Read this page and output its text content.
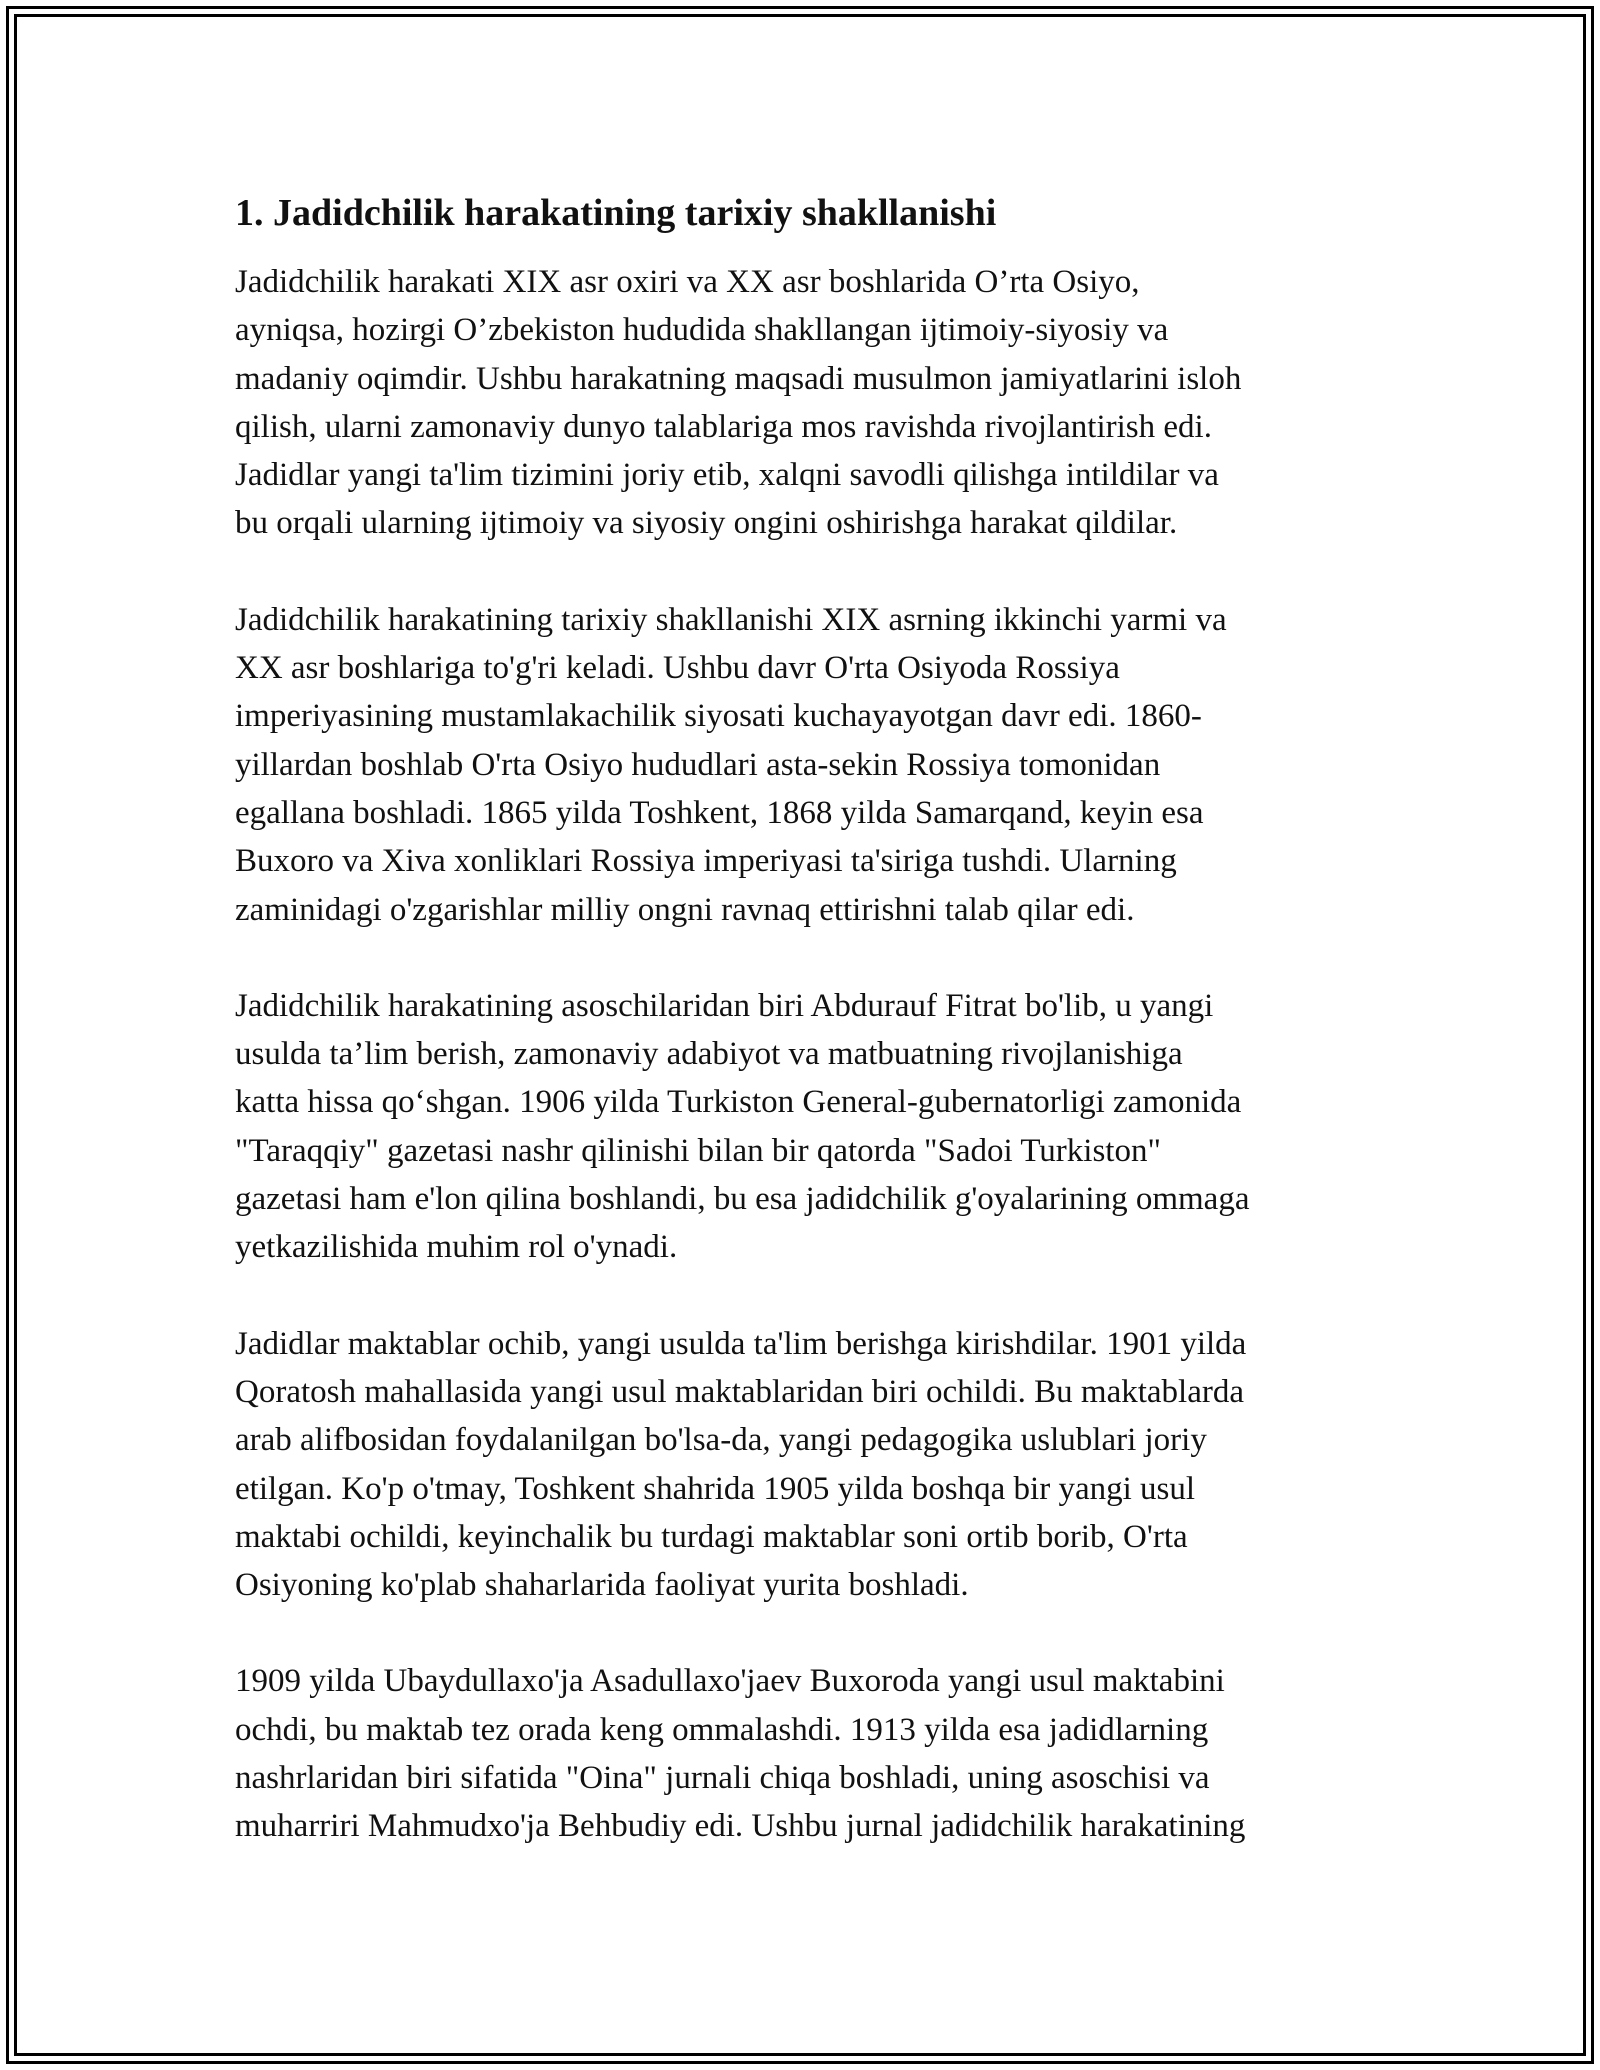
1. Jadidchilik harakatining tarixiy shakllanishi

Jadidchilik harakati XIX asr oxiri va XX asr boshlarida O’rta Osiyo,
ayniqsa, hozirgi O’zbekiston hududida shakllangan ijtimoiy-siyosiy va
madaniy oqimdir. Ushbu harakatning maqsadi musulmon jamiyatlarini isloh
qilish, ularni zamonaviy dunyo talablariga mos ravishda rivojlantirish edi.
Jadidlar yangi ta'lim tizimini joriy etib, xalqni savodli qilishga intildilar va
bu orqali ularning ijtimoiy va siyosiy ongini oshirishga harakat qildilar.

Jadidchilik harakatining tarixiy shakllanishi XIX asrning ikkinchi yarmi va
XX asr boshlariga to'g'ri keladi. Ushbu davr O'rta Osiyoda Rossiya
imperiyasining mustamlakachilik siyosati kuchayayotgan davr edi. 1860-
yillardan boshlab O'rta Osiyo hududlari asta-sekin Rossiya tomonidan
egallana boshladi. 1865 yilda Toshkent, 1868 yilda Samarqand, keyin esa
Buxoro va Xiva xonliklari Rossiya imperiyasi ta'siriga tushdi. Ularning
zaminidagi o'zgarishlar milliy ongni ravnaq ettirishni talab qilar edi.

Jadidchilik harakatining asoschilaridan biri Abdurauf Fitrat bo'lib, u yangi
usulda ta’lim berish, zamonaviy adabiyot va matbuatning rivojlanishiga
katta hissa qo‘shgan. 1906 yilda Turkiston General-gubernatorligi zamonida
"Taraqqiy" gazetasi nashr qilinishi bilan bir qatorda "Sadoi Turkiston"
gazetasi ham e'lon qilina boshlandi, bu esa jadidchilik g'oyalarining ommaga
yetkazilishida muhim rol o'ynadi.

Jadidlar maktablar ochib, yangi usulda ta'lim berishga kirishdilar. 1901 yilda
Qoratosh mahallasida yangi usul maktablaridan biri ochildi. Bu maktablarda
arab alifbosidan foydalanilgan bo'lsa-da, yangi pedagogika uslublari joriy
etilgan. Ko'p o'tmay, Toshkent shahrida 1905 yilda boshqa bir yangi usul
maktabi ochildi, keyinchalik bu turdagi maktablar soni ortib borib, O'rta
Osiyoning ko'plab shaharlarida faoliyat yurita boshladi.

1909 yilda Ubaydullaxo'ja Asadullaxo'jaev Buxoroda yangi usul maktabini
ochdi, bu maktab tez orada keng ommalashdi. 1913 yilda esa jadidlarning
nashrlaridan biri sifatida "Oina" jurnali chiqa boshladi, uning asoschisi va
muharriri Mahmudxo'ja Behbudiy edi. Ushbu jurnal jadidchilik harakatining
